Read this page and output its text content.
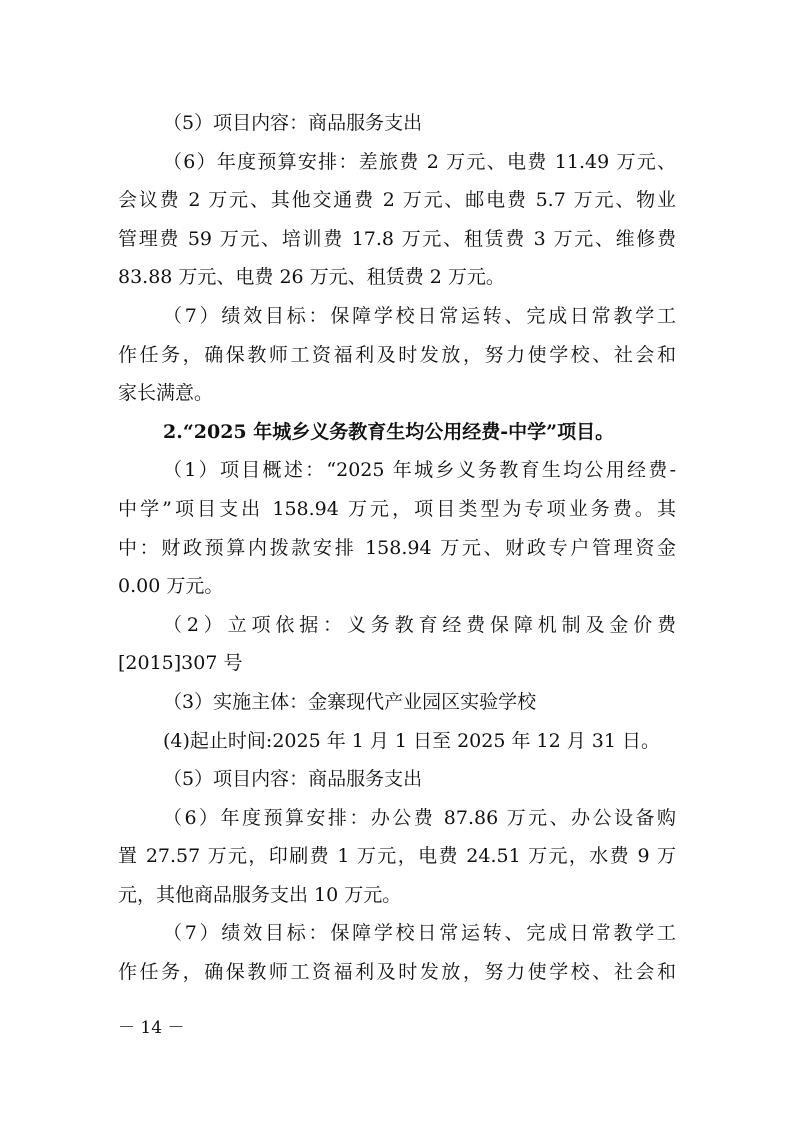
（5）项目内容：商品服务支出
（6）年度预算安排：差旅费 2 万元、电费 11.49 万元、
会议费 2 万元、其他交通费 2 万元、邮电费 5.7 万元、物业
管理费 59 万元、培训费 17.8 万元、租赁费 3 万元、维修费
83.88 万元、电费 26 万元、租赁费 2 万元。
（7）绩效目标：保障学校日常运转、完成日常教学工
作任务，确保教师工资福利及时发放，努力使学校、社会和
家长满意。
2.“2025 年城乡义务教育生均公用经费-中学”项目。
（1）项目概述：“2025 年城乡义务教育生均公用经费-
中学”项目支出 158.94 万元，项目类型为专项业务费。其
中：财政预算内拨款安排 158.94 万元、财政专户管理资金
0.00 万元。
（2）立项依据：义务教育经费保障机制及金价费
[2015]307 号
（3）实施主体：金寨现代产业园区实验学校
(4)起止时间:2025 年 1 月 1 日至 2025 年 12 月 31 日。
（5）项目内容：商品服务支出
（6）年度预算安排：办公费 87.86 万元、办公设备购
置 27.57 万元，印刷费 1 万元，电费 24.51 万元，水费 9 万
元，其他商品服务支出 10 万元。
（7）绩效目标：保障学校日常运转、完成日常教学工
作任务，确保教师工资福利及时发放，努力使学校、社会和
－ 14 －
